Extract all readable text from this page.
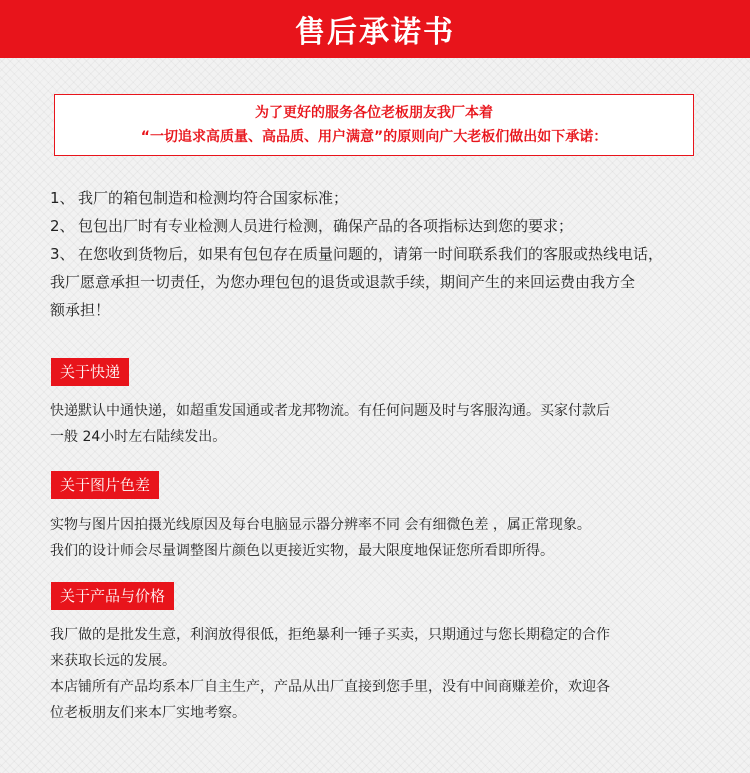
售后承诺书
为了更好的服务各位老板朋友我厂本着
“一切追求高质量、高品质、用户满意”的原则向广大老板们做出如下承诺：
1、 我厂的箱包制造和检测均符合国家标准；
2、 包包出厂时有专业检测人员进行检测，确保产品的各项指标达到您的要求；
3、 在您收到货物后，如果有包包存在质量问题的，请第一时间联系我们的客服或热线电话，
我厂愿意承担一切责任，为您办理包包的退货或退款手续，期间产生的来回运费由我方全
额承担！
关于快递

快递默认中通快递，如超重发国通或者龙邦物流。有任何问题及时与客服沟通。买家付款后

一般 24小时左右陆续发出。

关于图片色差

实物与图片因拍摄光线原因及每台电脑显示器分辨率不同 会有细微色差 ，属正常现象。

我们的设计师会尽量调整图片颜色以更接近实物，最大限度地保证您所看即所得。

关于产品与价格

我厂做的是批发生意，利润放得很低，拒绝暴利一锤子买卖，只期通过与您长期稳定的合作

来获取长远的发展。

本店铺所有产品均系本厂自主生产，产品从出厂直接到您手里，没有中间商赚差价，欢迎各

位老板朋友们来本厂实地考察。
